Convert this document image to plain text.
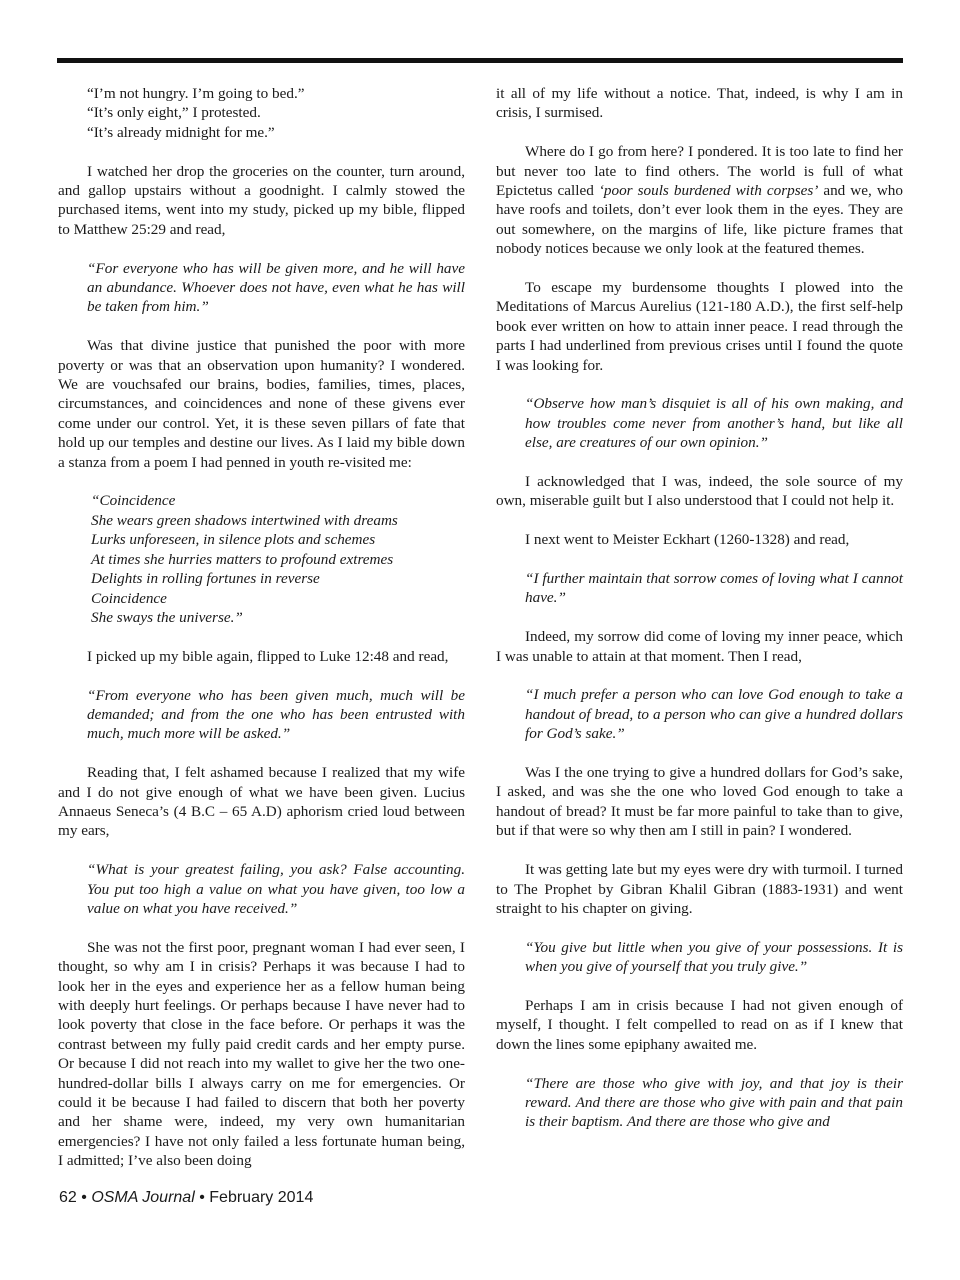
“I’m not hungry. I’m going to bed.”
“It’s only eight,” I protested.
“It’s already midnight for me.”

I watched her drop the groceries on the counter, turn around, and gallop upstairs without a goodnight. I calmly stowed the purchased items, went into my study, picked up my bible, flipped to Matthew 25:29 and read,

“For everyone who has will be given more, and he will have an abundance. Whoever does not have, even what he has will be taken from him.”

Was that divine justice that punished the poor with more poverty or was that an observation upon humanity? I wondered. We are vouchsafed our brains, bodies, families, times, places, circumstances, and coincidences and none of these givens ever come under our control. Yet, it is these seven pillars of fate that hold up our temples and destine our lives. As I laid my bible down a stanza from a poem I had penned in youth re-visited me:

“Coincidence
She wears green shadows intertwined with dreams
Lurks unforeseen, in silence plots and schemes
At times she hurries matters to profound extremes
Delights in rolling fortunes in reverse
Coincidence
She sways the universe.”

I picked up my bible again, flipped to Luke 12:48 and read,

“From everyone who has been given much, much will be demanded; and from the one who has been entrusted with much, much more will be asked.”

Reading that, I felt ashamed because I realized that my wife and I do not give enough of what we have been given. Lucius Annaeus Seneca’s (4 B.C – 65 A.D) aphorism cried loud between my ears,

“What is your greatest failing, you ask? False accounting. You put too high a value on what you have given, too low a value on what you have received.”

She was not the first poor, pregnant woman I had ever seen, I thought, so why am I in crisis? Perhaps it was because I had to look her in the eyes and experience her as a fellow human being with deeply hurt feelings. Or perhaps because I have never had to look poverty that close in the face before. Or perhaps it was the contrast between my fully paid credit cards and her empty purse. Or because I did not reach into my wallet to give her the two one-hundred-dollar bills I always carry on me for emergencies. Or could it be because I had failed to discern that both her poverty and her shame were, indeed, my very own humanitarian emergencies? I have not only failed a less fortunate human being, I admitted; I’ve also been doing

it all of my life without a notice. That, indeed, is why I am in crisis, I surmised.

Where do I go from here? I pondered. It is too late to find her but never too late to find others. The world is full of what Epictetus called ‘poor souls burdened with corpses’ and we, who have roofs and toilets, don’t ever look them in the eyes. They are out somewhere, on the margins of life, like picture frames that nobody notices because we only look at the featured themes.

To escape my burdensome thoughts I plowed into the Meditations of Marcus Aurelius (121-180 A.D.), the first self-help book ever written on how to attain inner peace. I read through the parts I had underlined from previous crises until I found the quote I was looking for.

“Observe how man’s disquiet is all of his own making, and how troubles come never from another’s hand, but like all else, are creatures of our own opinion.”

I acknowledged that I was, indeed, the sole source of my own, miserable guilt but I also understood that I could not help it.

I next went to Meister Eckhart (1260-1328) and read,

“I further maintain that sorrow comes of loving what I cannot have.”

Indeed, my sorrow did come of loving my inner peace, which I was unable to attain at that moment. Then I read,

“I much prefer a person who can love God enough to take a handout of bread, to a person who can give a hundred dollars for God’s sake.”

Was I the one trying to give a hundred dollars for God’s sake, I asked, and was she the one who loved God enough to take a handout of bread? It must be far more painful to take than to give, but if that were so why then am I still in pain? I wondered.

It was getting late but my eyes were dry with turmoil. I turned to The Prophet by Gibran Khalil Gibran (1883-1931) and went straight to his chapter on giving.

“You give but little when you give of your possessions. It is when you give of yourself that you truly give.”

Perhaps I am in crisis because I had not given enough of myself, I thought. I felt compelled to read on as if I knew that down the lines some epiphany awaited me.

“There are those who give with joy, and that joy is their reward. And there are those who give with pain and that pain is their baptism. And there are those who give and

62 • OSMA Journal • February 2014
